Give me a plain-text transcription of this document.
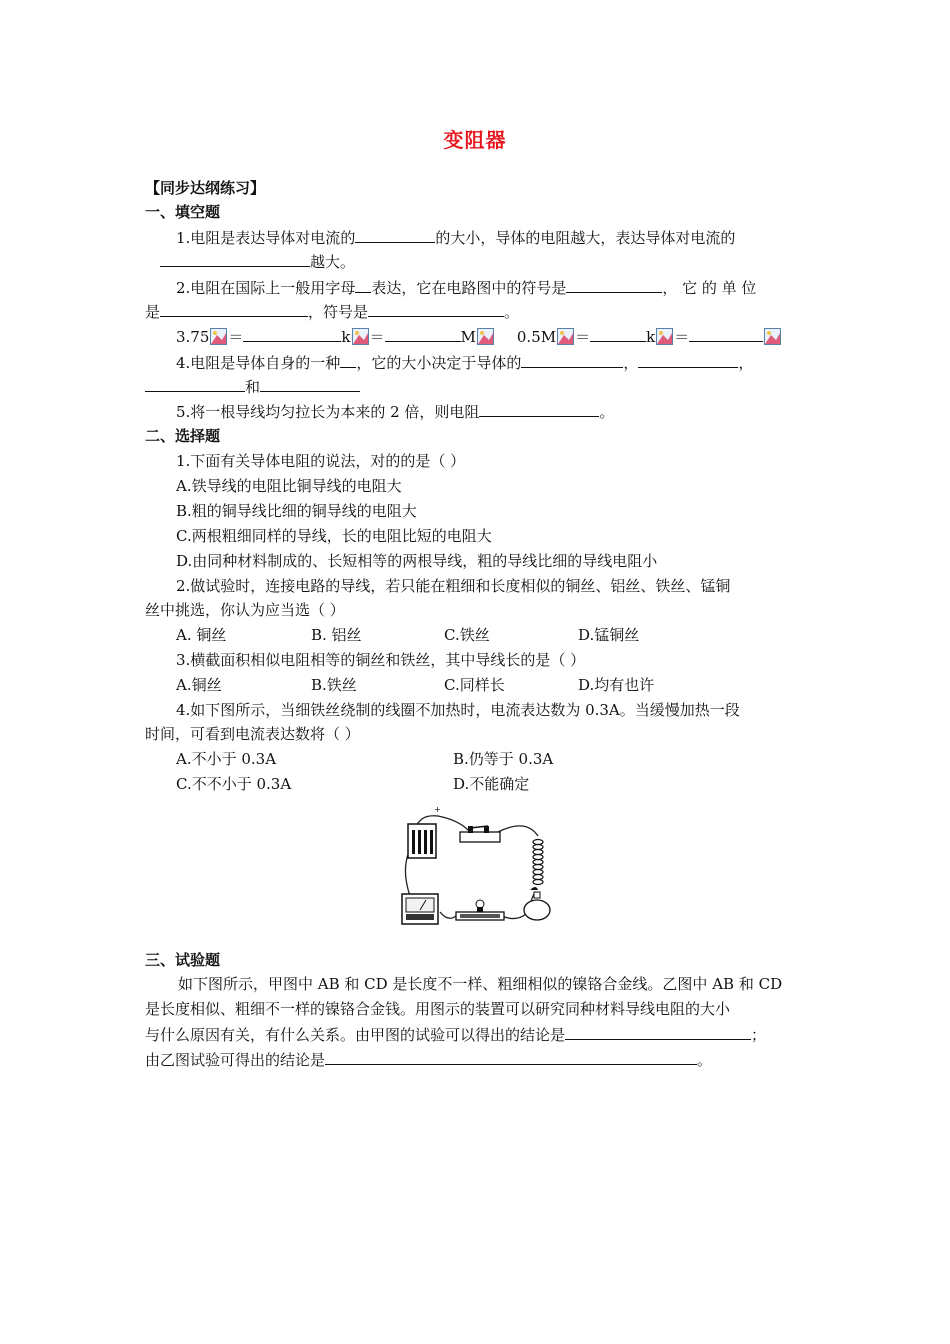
变阻器
【同步达纲练习】
一、填空题
1.电阻是表达导体对电流的	的大小，导体的电阻越大，表达导体对电流的
越大。
2.电阻在国际上一般用字母 表达，它在电路图中的符号是	， 它 的 单 位
是	，符号是	。
3.75 ＝	k ＝	M	0.5M ＝	k ＝
4.电阻是导体自身的一种 ，它的大小决定于导体的	，	，
和
5.将一根导线均匀拉长为本来的 2 倍，则电阻	。
二、选择题
1.下面有关导体电阻的说法，对的的是（ ）
A.铁导线的电阻比铜导线的电阻大
B.粗的铜导线比细的铜导线的电阻大
C.两根粗细同样的导线，长的电阻比短的电阻大
D.由同种材料制成的、长短相等的两根导线，粗的导线比细的导线电阻小
2.做试验时，连接电路的导线，若只能在粗细和长度相似的铜丝、铝丝、铁丝、锰铜
丝中挑选，你认为应当选（ ）
A. 铜丝	B. 铝丝	C.铁丝	D.锰铜丝
3.横截面积相似电阻相等的铜丝和铁丝，其中导线长的是（ ）
A.铜丝	B.铁丝	C.同样长	D.均有也许
4.如下图所示，当细铁丝绕制的线圈不加热时，电流表达数为 0.3A。当缓慢加热一段
时间，可看到电流表达数将（ ）
A.不小于 0.3A	B.仍等于 0.3A
C.不不小于 0.3A	D.不能确定
+
三、试验题
如下图所示，甲图中 AB 和 CD 是长度不一样、粗细相似的镍铬合金线。乙图中 AB 和 CD
是长度相似、粗细不一样的镍铬合金钱。用图示的装置可以研究同种材料导线电阻的大小
与什么原因有关，有什么关系。由甲图的试验可以得出的结论是	；
由乙图试验可得出的结论是	。
